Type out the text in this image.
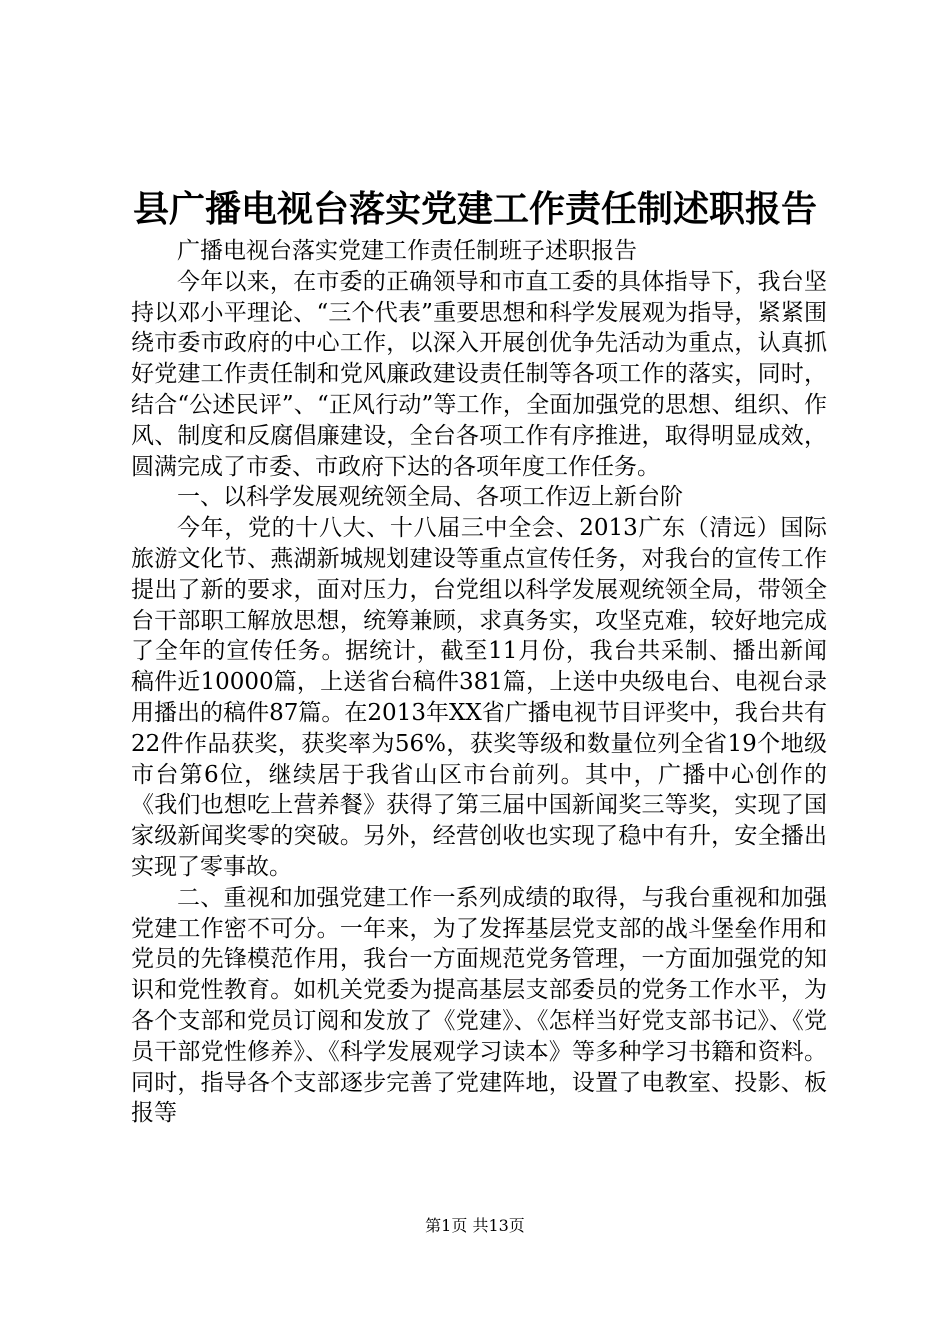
县广播电视台落实党建工作责任制述职报告

广播电视台落实党建工作责任制班子述职报告

今年以来，在市委的正确领导和市直工委的具体指导下，我台坚持以邓小平理论、“三个代表”重要思想和科学发展观为指导，紧紧围绕市委市政府的中心工作，以深入开展创优争先活动为重点，认真抓好党建工作责任制和党风廉政建设责任制等各项工作的落实，同时，结合“公述民评”、“正风行动”等工作，全面加强党的思想、组织、作风、制度和反腐倡廉建设，全台各项工作有序推进，取得明显成效，圆满完成了市委、市政府下达的各项年度工作任务。

一、以科学发展观统领全局、各项工作迈上新台阶

今年，党的十八大、十八届三中全会、2013广东（清远）国际旅游文化节、燕湖新城规划建设等重点宣传任务，对我台的宣传工作提出了新的要求，面对压力，台党组以科学发展观统领全局，带领全台干部职工解放思想，统筹兼顾，求真务实，攻坚克难，较好地完成了全年的宣传任务。据统计，截至11月份，我台共采制、播出新闻稿件近10000篇，上送省台稿件381篇，上送中央级电台、电视台录用播出的稿件87篇。在2013年XX省广播电视节目评奖中，我台共有22件作品获奖，获奖率为56%，获奖等级和数量位列全省19个地级市台第6位，继续居于我省山区市台前列。其中，广播中心创作的《我们也想吃上营养餐》获得了第三届中国新闻奖三等奖，实现了国家级新闻奖零的突破。另外，经营创收也实现了稳中有升，安全播出实现了零事故。

二、重视和加强党建工作一系列成绩的取得，与我台重视和加强党建工作密不可分。一年来，为了发挥基层党支部的战斗堡垒作用和党员的先锋模范作用，我台一方面规范党务管理，一方面加强党的知识和党性教育。如机关党委为提高基层支部委员的党务工作水平，为各个支部和党员订阅和发放了《党建》、《怎样当好党支部书记》、《党员干部党性修养》、《科学发展观学习读本》等多种学习书籍和资料。同时，指导各个支部逐步完善了党建阵地，设置了电教室、投影、板报等

第1页 共13页
